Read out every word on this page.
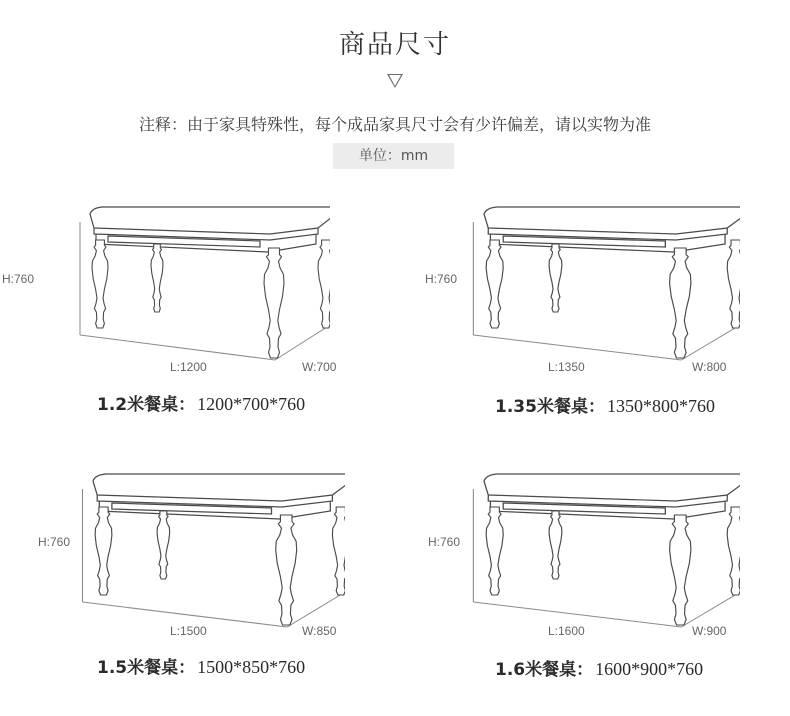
商品尺寸
注释：由于家具特殊性，每个成品家具尺寸会有少许偏差，请以实物为准
单位：mm
H:760
L:1200	W:700
1.2米餐桌： 1200*700*760
H:760
L:1350	W:800
1.35米餐桌： 1350*800*760
H:760
L:1500	W:850
1.5米餐桌： 1500*850*760
H:760
L:1600	W:900
1.6米餐桌： 1600*900*760
